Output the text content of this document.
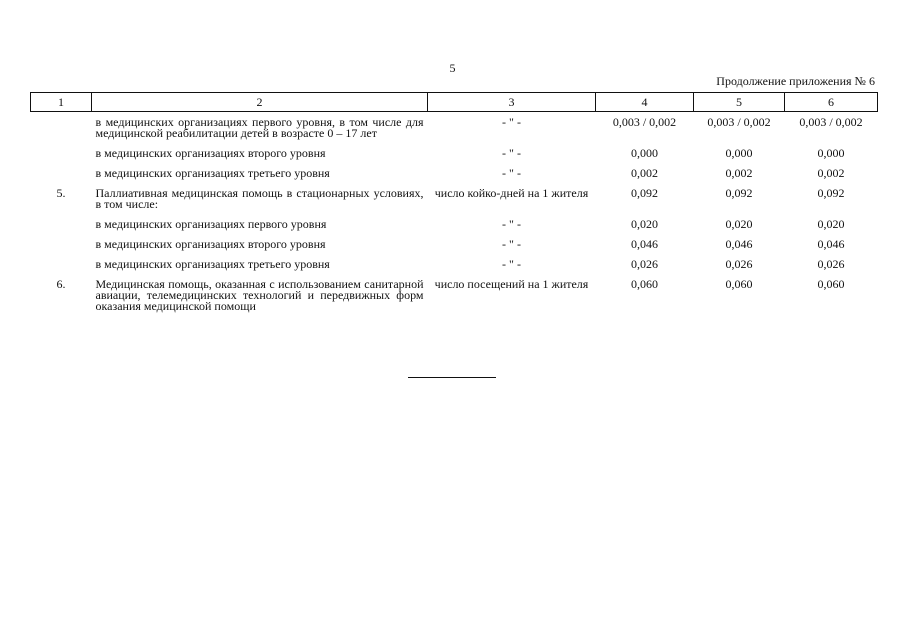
5
Продолжение приложения № 6
1	2	3	4	5	6
	в медицинских организациях первого уровня, в том числе для медицинской реабилитации детей в возрасте 0 – 17 лет	- " -	0,003 / 0,002	0,003 / 0,002	0,003 / 0,002
	в медицинских организациях второго уровня	- " -	0,000	0,000	0,000
	в медицинских организациях третьего уровня	- " -	0,002	0,002	0,002
5.	Паллиативная медицинская помощь в стационарных условиях, в том числе:	число койко-дней на 1 жителя	0,092	0,092	0,092
	в медицинских организациях первого уровня	- " -	0,020	0,020	0,020
	в медицинских организациях второго уровня	- " -	0,046	0,046	0,046
	в медицинских организациях третьего уровня	- " -	0,026	0,026	0,026
6.	Медицинская помощь, оказанная с использованием санитарной авиации, телемедицинских технологий и передвижных форм оказания медицинской помощи	число посещений на 1 жителя	0,060	0,060	0,060
